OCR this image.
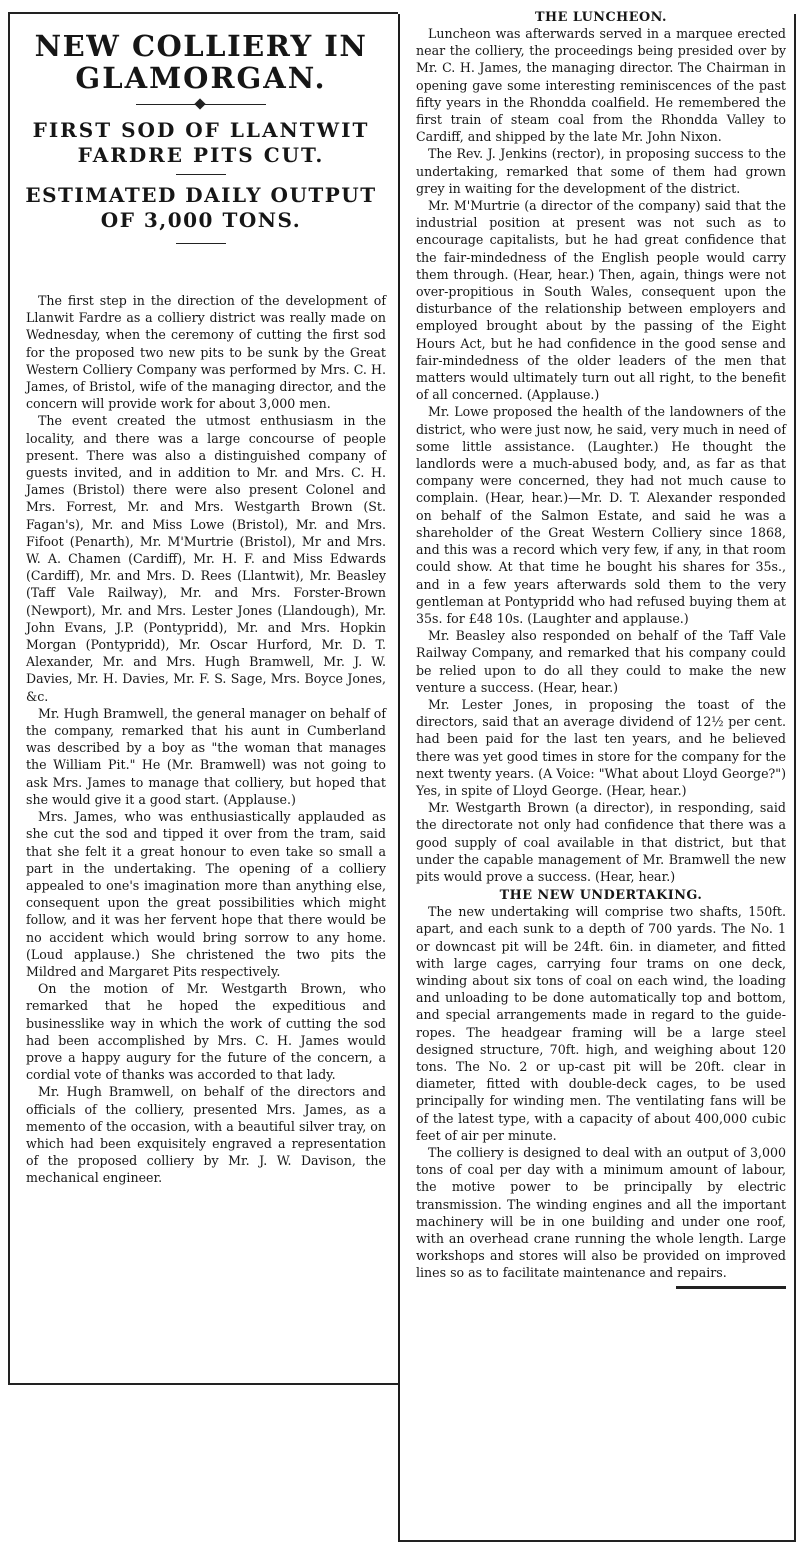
NEW COLLIERY IN
GLAMORGAN.
FIRST SOD OF LLANTWIT
FARDRE PITS CUT.
ESTIMATED DAILY OUTPUT
OF 3,000 TONS.

The first step in the direction of the development of Llanwit Fardre as a colliery district was really made on Wednesday, when the ceremony of cutting the first sod for the proposed two new pits to be sunk by the Great Western Colliery Company was performed by Mrs. C. H. James, of Bristol, wife of the managing director, and the concern will provide work for about 3,000 men.

The event created the utmost enthusiasm in the locality, and there was a large concourse of people present. There was also a distinguished company of guests invited, and in addition to Mr. and Mrs. C. H. James (Bristol) there were also present Colonel and Mrs. Forrest, Mr. and Mrs. Westgarth Brown (St. Fagan's), Mr. and Miss Lowe (Bristol), Mr. and Mrs. Fifoot (Penarth), Mr. M'Murtrie (Bristol), Mr and Mrs. W. A. Chamen (Cardiff), Mr. H. F. and Miss Edwards (Cardiff), Mr. and Mrs. D. Rees (Llantwit), Mr. Beasley (Taff Vale Railway), Mr. and Mrs. Forster-Brown (Newport), Mr. and Mrs. Lester Jones (Llandough), Mr. John Evans, J.P. (Pontypridd), Mr. and Mrs. Hopkin Morgan (Pontypridd), Mr. Oscar Hurford, Mr. D. T. Alexander, Mr. and Mrs. Hugh Bramwell, Mr. J. W. Davies, Mr. H. Davies, Mr. F. S. Sage, Mrs. Boyce Jones, &c.

Mr. Hugh Bramwell, the general manager on behalf of the company, remarked that his aunt in Cumberland was described by a boy as "the woman that manages the William Pit." He (Mr. Bramwell) was not going to ask Mrs. James to manage that colliery, but hoped that she would give it a good start. (Applause.)

Mrs. James, who was enthusiastically applauded as she cut the sod and tipped it over from the tram, said that she felt it a great honour to even take so small a part in the undertaking. The opening of a colliery appealed to one's imagination more than anything else, consequent upon the great possibilities which might follow, and it was her fervent hope that there would be no accident which would bring sorrow to any home. (Loud applause.) She christened the two pits the Mildred and Margaret Pits respectively.

On the motion of Mr. Westgarth Brown, who remarked that he hoped the expeditious and businesslike way in which the work of cutting the sod had been accomplished by Mrs. C. H. James would prove a happy augury for the future of the concern, a cordial vote of thanks was accorded to that lady.

Mr. Hugh Bramwell, on behalf of the directors and officials of the colliery, presented Mrs. James, as a memento of the occasion, with a beautiful silver tray, on which had been exquisitely engraved a representation of the proposed colliery by Mr. J. W. Davison, the mechanical engineer.

THE LUNCHEON.

Luncheon was afterwards served in a marquee erected near the colliery, the proceedings being presided over by Mr. C. H. James, the managing director. The Chairman in opening gave some interesting reminiscences of the past fifty years in the Rhondda coalfield. He remembered the first train of steam coal from the Rhondda Valley to Cardiff, and shipped by the late Mr. John Nixon.

The Rev. J. Jenkins (rector), in proposing success to the undertaking, remarked that some of them had grown grey in waiting for the development of the district.

Mr. M'Murtrie (a director of the company) said that the industrial position at present was not such as to encourage capitalists, but he had great confidence that the fair-mindedness of the English people would carry them through. (Hear, hear.) Then, again, things were not over-propitious in South Wales, consequent upon the disturbance of the relationship between employers and employed brought about by the passing of the Eight Hours Act, but he had confidence in the good sense and fair-mindedness of the older leaders of the men that matters would ultimately turn out all right, to the benefit of all concerned. (Applause.)

Mr. Lowe proposed the health of the landowners of the district, who were just now, he said, very much in need of some little assistance. (Laughter.) He thought the landlords were a much-abused body, and, as far as that company were concerned, they had not much cause to complain. (Hear, hear.)—Mr. D. T. Alexander responded on behalf of the Salmon Estate, and said he was a shareholder of the Great Western Colliery since 1868, and this was a record which very few, if any, in that room could show. At that time he bought his shares for 35s., and in a few years afterwards sold them to the very gentleman at Pontypridd who had refused buying them at 35s. for £48 10s. (Laughter and applause.)

Mr. Beasley also responded on behalf of the Taff Vale Railway Company, and remarked that his company could be relied upon to do all they could to make the new venture a success. (Hear, hear.)

Mr. Lester Jones, in proposing the toast of the directors, said that an average dividend of 12½ per cent. had been paid for the last ten years, and he believed there was yet good times in store for the company for the next twenty years. (A Voice: "What about Lloyd George?") Yes, in spite of Lloyd George. (Hear, hear.)

Mr. Westgarth Brown (a director), in responding, said the directorate not only had confidence that there was a good supply of coal available in that district, but that under the capable management of Mr. Bramwell the new pits would prove a success. (Hear, hear.)

THE NEW UNDERTAKING.

The new undertaking will comprise two shafts, 150ft. apart, and each sunk to a depth of 700 yards. The No. 1 or downcast pit will be 24ft. 6in. in diameter, and fitted with large cages, carrying four trams on one deck, winding about six tons of coal on each wind, the loading and unloading to be done automatically top and bottom, and special arrangements made in regard to the guide-ropes. The headgear framing will be a large steel designed structure, 70ft. high, and weighing about 120 tons. The No. 2 or up-cast pit will be 20ft. clear in diameter, fitted with double-deck cages, to be used principally for winding men. The ventilating fans will be of the latest type, with a capacity of about 400,000 cubic feet of air per minute.

The colliery is designed to deal with an output of 3,000 tons of coal per day with a minimum amount of labour, the motive power to be principally by electric transmission. The winding engines and all the important machinery will be in one building and under one roof, with an overhead crane running the whole length. Large workshops and stores will also be provided on improved lines so as to facilitate maintenance and repairs.
